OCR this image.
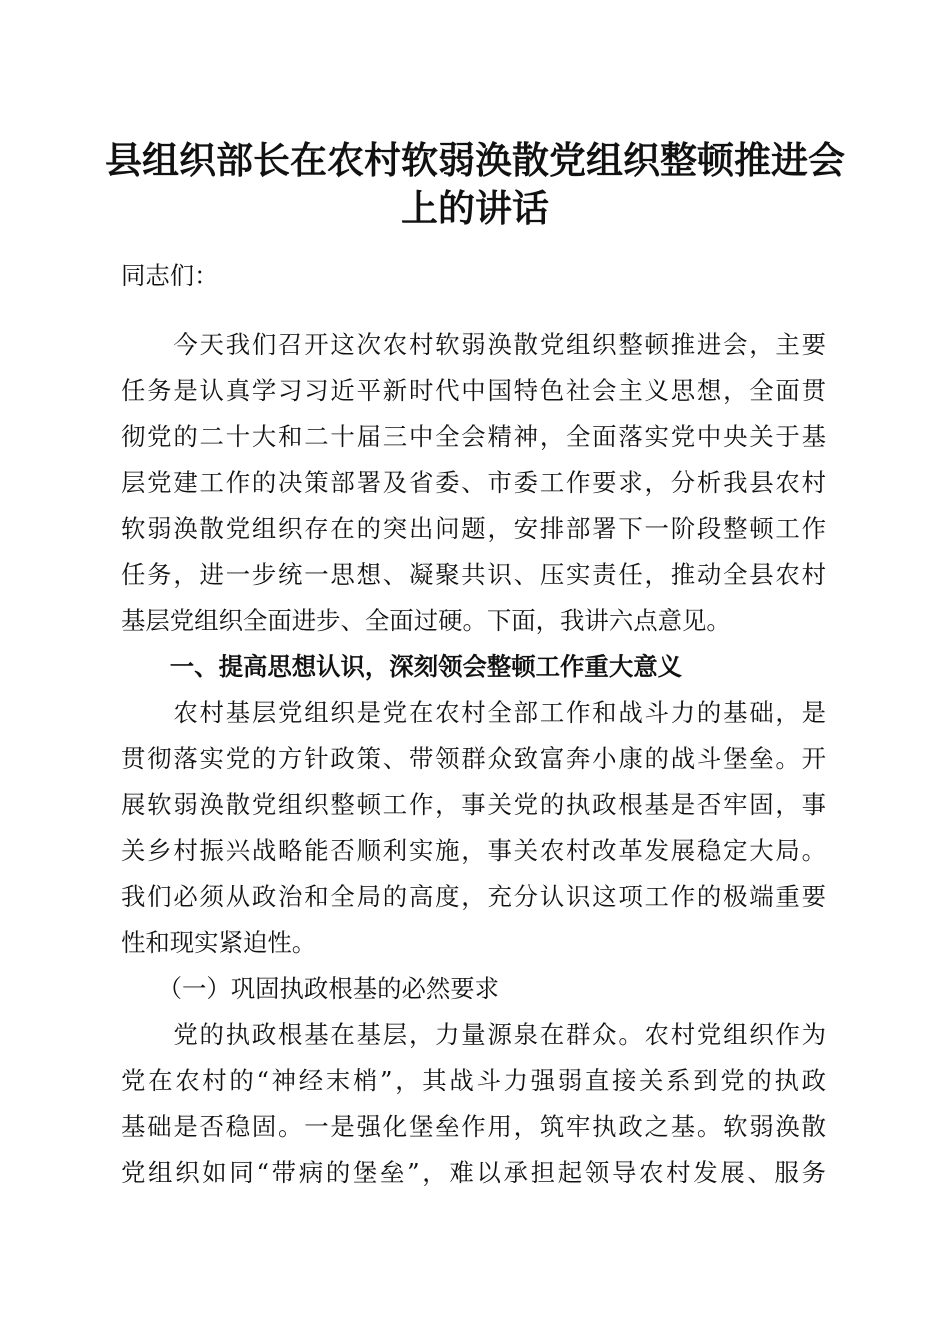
县组织部长在农村软弱涣散党组织整顿推进会
上的讲话

同志们：

　　今天我们召开这次农村软弱涣散党组织整顿推进会，主要

任务是认真学习习近平新时代中国特色社会主义思想，全面贯

彻党的二十大和二十届三中全会精神，全面落实党中央关于基

层党建工作的决策部署及省委、市委工作要求，分析我县农村

软弱涣散党组织存在的突出问题，安排部署下一阶段整顿工作

任务，进一步统一思想、凝聚共识、压实责任，推动全县农村

基层党组织全面进步、全面过硬。下面，我讲六点意见。

　　一、提高思想认识，深刻领会整顿工作重大意义

　　农村基层党组织是党在农村全部工作和战斗力的基础，是

贯彻落实党的方针政策、带领群众致富奔小康的战斗堡垒。开

展软弱涣散党组织整顿工作，事关党的执政根基是否牢固，事

关乡村振兴战略能否顺利实施，事关农村改革发展稳定大局。

我们必须从政治和全局的高度，充分认识这项工作的极端重要

性和现实紧迫性。

　　（一）巩固执政根基的必然要求

　　党的执政根基在基层，力量源泉在群众。农村党组织作为

党在农村的“神经末梢”，其战斗力强弱直接关系到党的执政

基础是否稳固。一是强化堡垒作用，筑牢执政之基。软弱涣散

党组织如同“带病的堡垒”，难以承担起领导农村发展、服务
